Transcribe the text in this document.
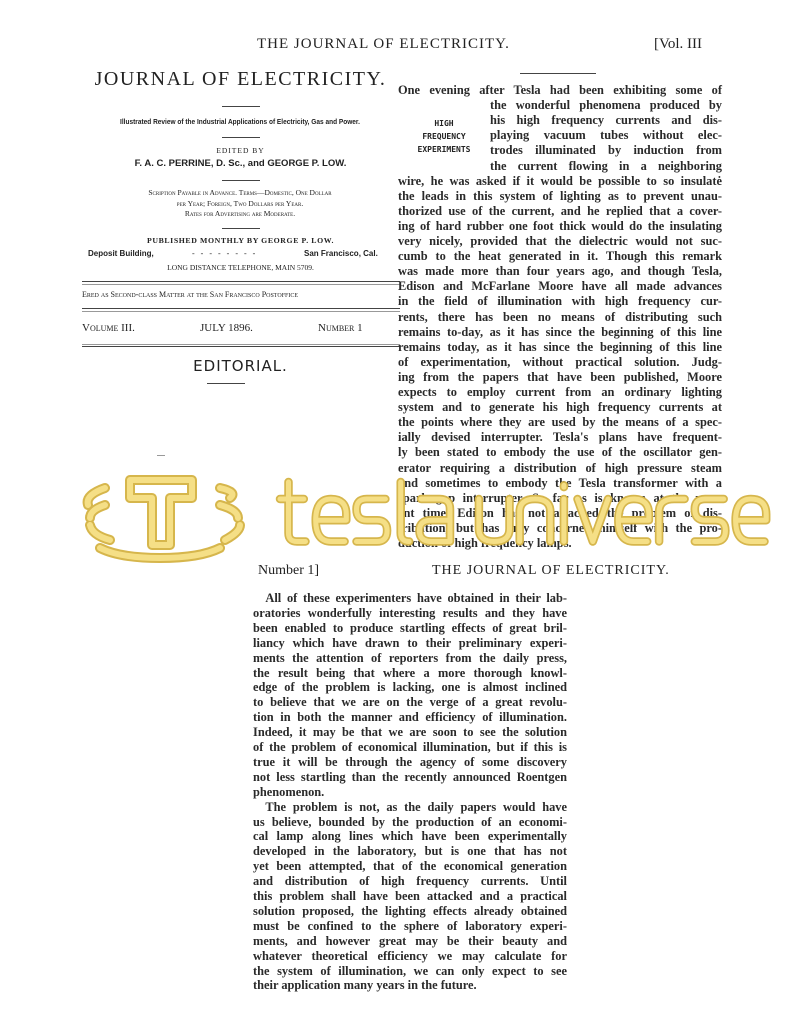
THE JOURNAL OF ELECTRICITY.	[Vol. III
JOURNAL OF ELECTRICITY.
Illustrated Review of the Industrial Applications of Electricity, Gas and Power.
EDITED BY
F. A. C. PERRINE, D. Sc., and GEORGE P. LOW.
Scription Payable in Advance. Terms—Domestic, One Dollar
per Year; Foreign, Two Dollars per Year.
Rates for Advertising are Moderate.
PUBLISHED MONTHLY BY GEORGE P. LOW.
Deposit Building,	- - - - - - - -	San Francisco, Cal.
LONG DISTANCE TELEPHONE, MAIN 5709.
Ered as Second-class Matter at the San Francisco Postoffice
Volume III.	JULY 1896.	Number 1
EDITORIAL.
HIGH
FREQUENCY
EXPERIMENTS
One evening after Tesla had been exhibiting some of
the wonderful phenomena produced by
his high frequency currents and dis-
playing vacuum tubes without elec-
trodes illuminated by induction from
the current flowing in a neighboring
wire, he was asked if it would be possible to so insulatė
the leads in this system of lighting as to prevent unau-
thorized use of the current, and he replied that a cover-
ing of hard rubber one foot thick would do the insulating
very nicely, provided that the dielectric would not suc-
cumb to the heat generated in it. Though this remark
was made more than four years ago, and though Tesla,
Edison and McFarlane Moore have all made advances
in the field of illumination with high frequency cur-
rents, there has been no means of distributing such
remains to-day, as it has since the beginning of this line
remains today, as it has since the beginning of this line
of experimentation, without practical solution. Judg-
ing from the papers that have been published, Moore
expects to employ current from an ordinary lighting
system and to generate his high frequency currents at
the points where they are used by the means of a spec-
ially devised interrupter. Tesla's plans have frequent-
ly been stated to embody the use of the oscillator gen-
erator requiring a distribution of high pressure steam
and sometimes to embody the Tesla transformer with a
spark gap interrupter. So far as is known at the pres-
ent time, Edison has not attacked the problem of dis-
tribution, but has only concerned himself with the pro-
duction of high frequency lamps.
Number 1]	THE JOURNAL OF ELECTRICITY.
 All of these experimenters have obtained in their lab-
oratories wonderfully interesting results and they have
been enabled to produce startling effects of great bril-
liancy which have drawn to their preliminary experi-
ments the attention of reporters from the daily press,
the result being that where a more thorough knowl-
edge of the problem is lacking, one is almost inclined
to believe that we are on the verge of a great revolu-
tion in both the manner and efficiency of illumination.
Indeed, it may be that we are soon to see the solution
of the problem of economical illumination, but if this is
true it will be through the agency of some discovery
not less startling than the recently announced Roentgen
phenomenon.
 The problem is not, as the daily papers would have
us believe, bounded by the production of an economi-
cal lamp along lines which have been experimentally
developed in the laboratory, but is one that has not
yet been attempted, that of the economical generation
and distribution of high frequency currents. Until
this problem shall have been attacked and a practical
solution proposed, the lighting effects already obtained
must be confined to the sphere of laboratory experi-
ments, and however great may be their beauty and
whatever theoretical efficiency we may calculate for
the system of illumination, we can only expect to see
their application many years in the future.
